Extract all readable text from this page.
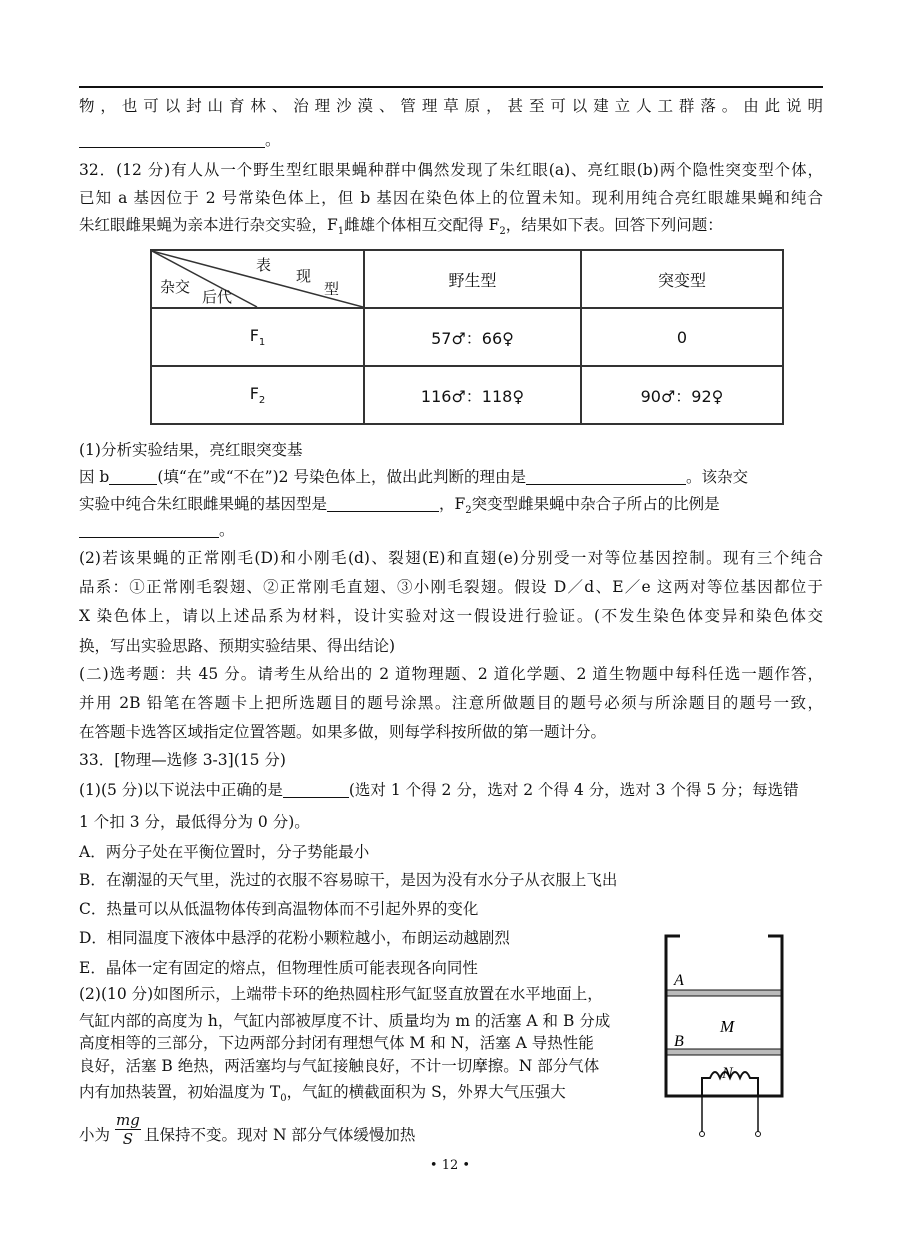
物，也可以封山育林、治理沙漠、管理草原，甚至可以建立人工群落。由此说明
。
32．(12 分)有人从一个野生型红眼果蝇种群中偶然发现了朱红眼(a)、亮红眼(b)两个隐性突变型个体，
已知 a 基因位于 2 号常染色体上，但 b 基因在染色体上的位置未知。现利用纯合亮红眼雄果蝇和纯合
朱红眼雌果蝇为亲本进行杂交实验，$F_1$雌雄个体相互交配得 $F_2$，结果如下表。回答下列问题：
表
现
型
杂交
后代	野生型	突变型
$F_1$	57♂：66♀	0
$F_2$	116♂：118♀	90♂：92♀
(1)分析实验结果，亮红眼突变基
因 b	(填“在”或“不在”)2 号染色体上，做出此判断的理由是	。该杂交
实验中纯合朱红眼雌果蝇的基因型是	，$F_2$突变型雌果蝇中杂合子所占的比例是
。
(2)若该果蝇的正常刚毛(D)和小刚毛(d)、裂翅(E)和直翅(e)分别受一对等位基因控制。现有三个纯合
品系：①正常刚毛裂翅、②正常刚毛直翅、③小刚毛裂翅。假设 D／d、E／e 这两对等位基因都位于
X 染色体上，请以上述品系为材料，设计实验对这一假设进行验证。(不发生染色体变异和染色体交
换，写出实验思路、预期实验结果、得出结论)
(二)选考题：共 45 分。请考生从给出的 2 道物理题、2 道化学题、2 道生物题中每科任选一题作答，
并用 2B 铅笔在答题卡上把所选题目的题号涂黑。注意所做题目的题号必须与所涂题目的题号一致，
在答题卡选答区域指定位置答题。如果多做，则每学科按所做的第一题计分。
33．[物理—选修 3-3](15 分)
(1)(5 分)以下说法中正确的是	(选对 1 个得 2 分，选对 2 个得 4 分，选对 3 个得 5 分；每选错
1 个扣 3 分，最低得分为 0 分)。
A．两分子处在平衡位置时，分子势能最小
B．在潮湿的天气里，洗过的衣服不容易晾干，是因为没有水分子从衣服上飞出
C．热量可以从低温物体传到高温物体而不引起外界的变化
D．相同温度下液体中悬浮的花粉小颗粒越小，布朗运动越剧烈
E．晶体一定有固定的熔点，但物理性质可能表现各向同性
(2)(10 分)如图所示，上端带卡环的绝热圆柱形气缸竖直放置在水平地面上，
气缸内部的高度为 h，气缸内部被厚度不计、质量均为 m 的活塞 A 和 B 分成
高度相等的三部分，下边两部分封闭有理想气体 M 和 N，活塞 A 导热性能
良好，活塞 B 绝热，两活塞均与气缸接触良好，不计一切摩擦。N 部分气体
内有加热装置，初始温度为 $T_0$，气缸的横截面积为 S，外界大气压强大
小为 且保持不变。现对 N 部分气体缓慢加热
$\frac{mg}{S}$
A
B
M
N
• 12 •
